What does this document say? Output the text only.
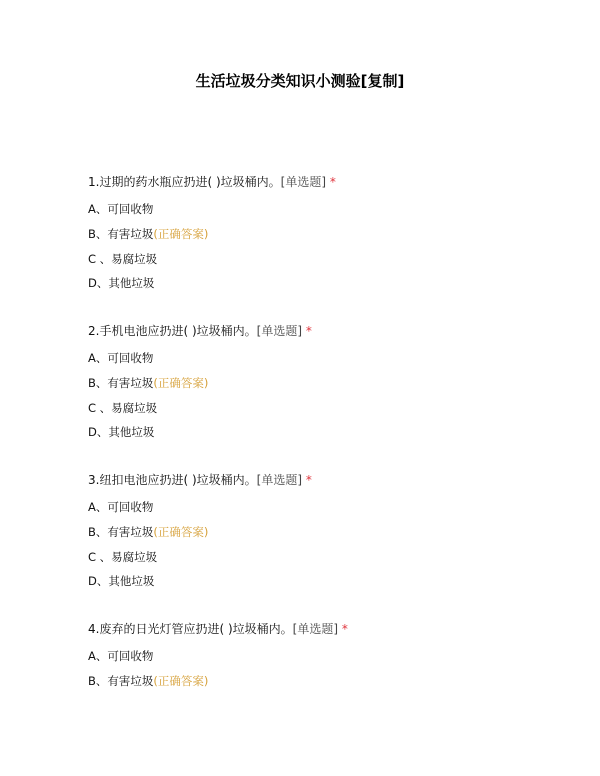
生活垃圾分类知识小测验[复制]
1.过期的药水瓶应扔进( )垃圾桶内。[单选题] *
A、可回收物
B、有害垃圾(正确答案)
C 、易腐垃圾
D、其他垃圾
2.手机电池应扔进( )垃圾桶内。[单选题] *
A、可回收物
B、有害垃圾(正确答案)
C 、易腐垃圾
D、其他垃圾
3.纽扣电池应扔进( )垃圾桶内。[单选题] *
A、可回收物
B、有害垃圾(正确答案)
C 、易腐垃圾
D、其他垃圾
4.废弃的日光灯管应扔进( )垃圾桶内。[单选题] *
A、可回收物
B、有害垃圾(正确答案)
